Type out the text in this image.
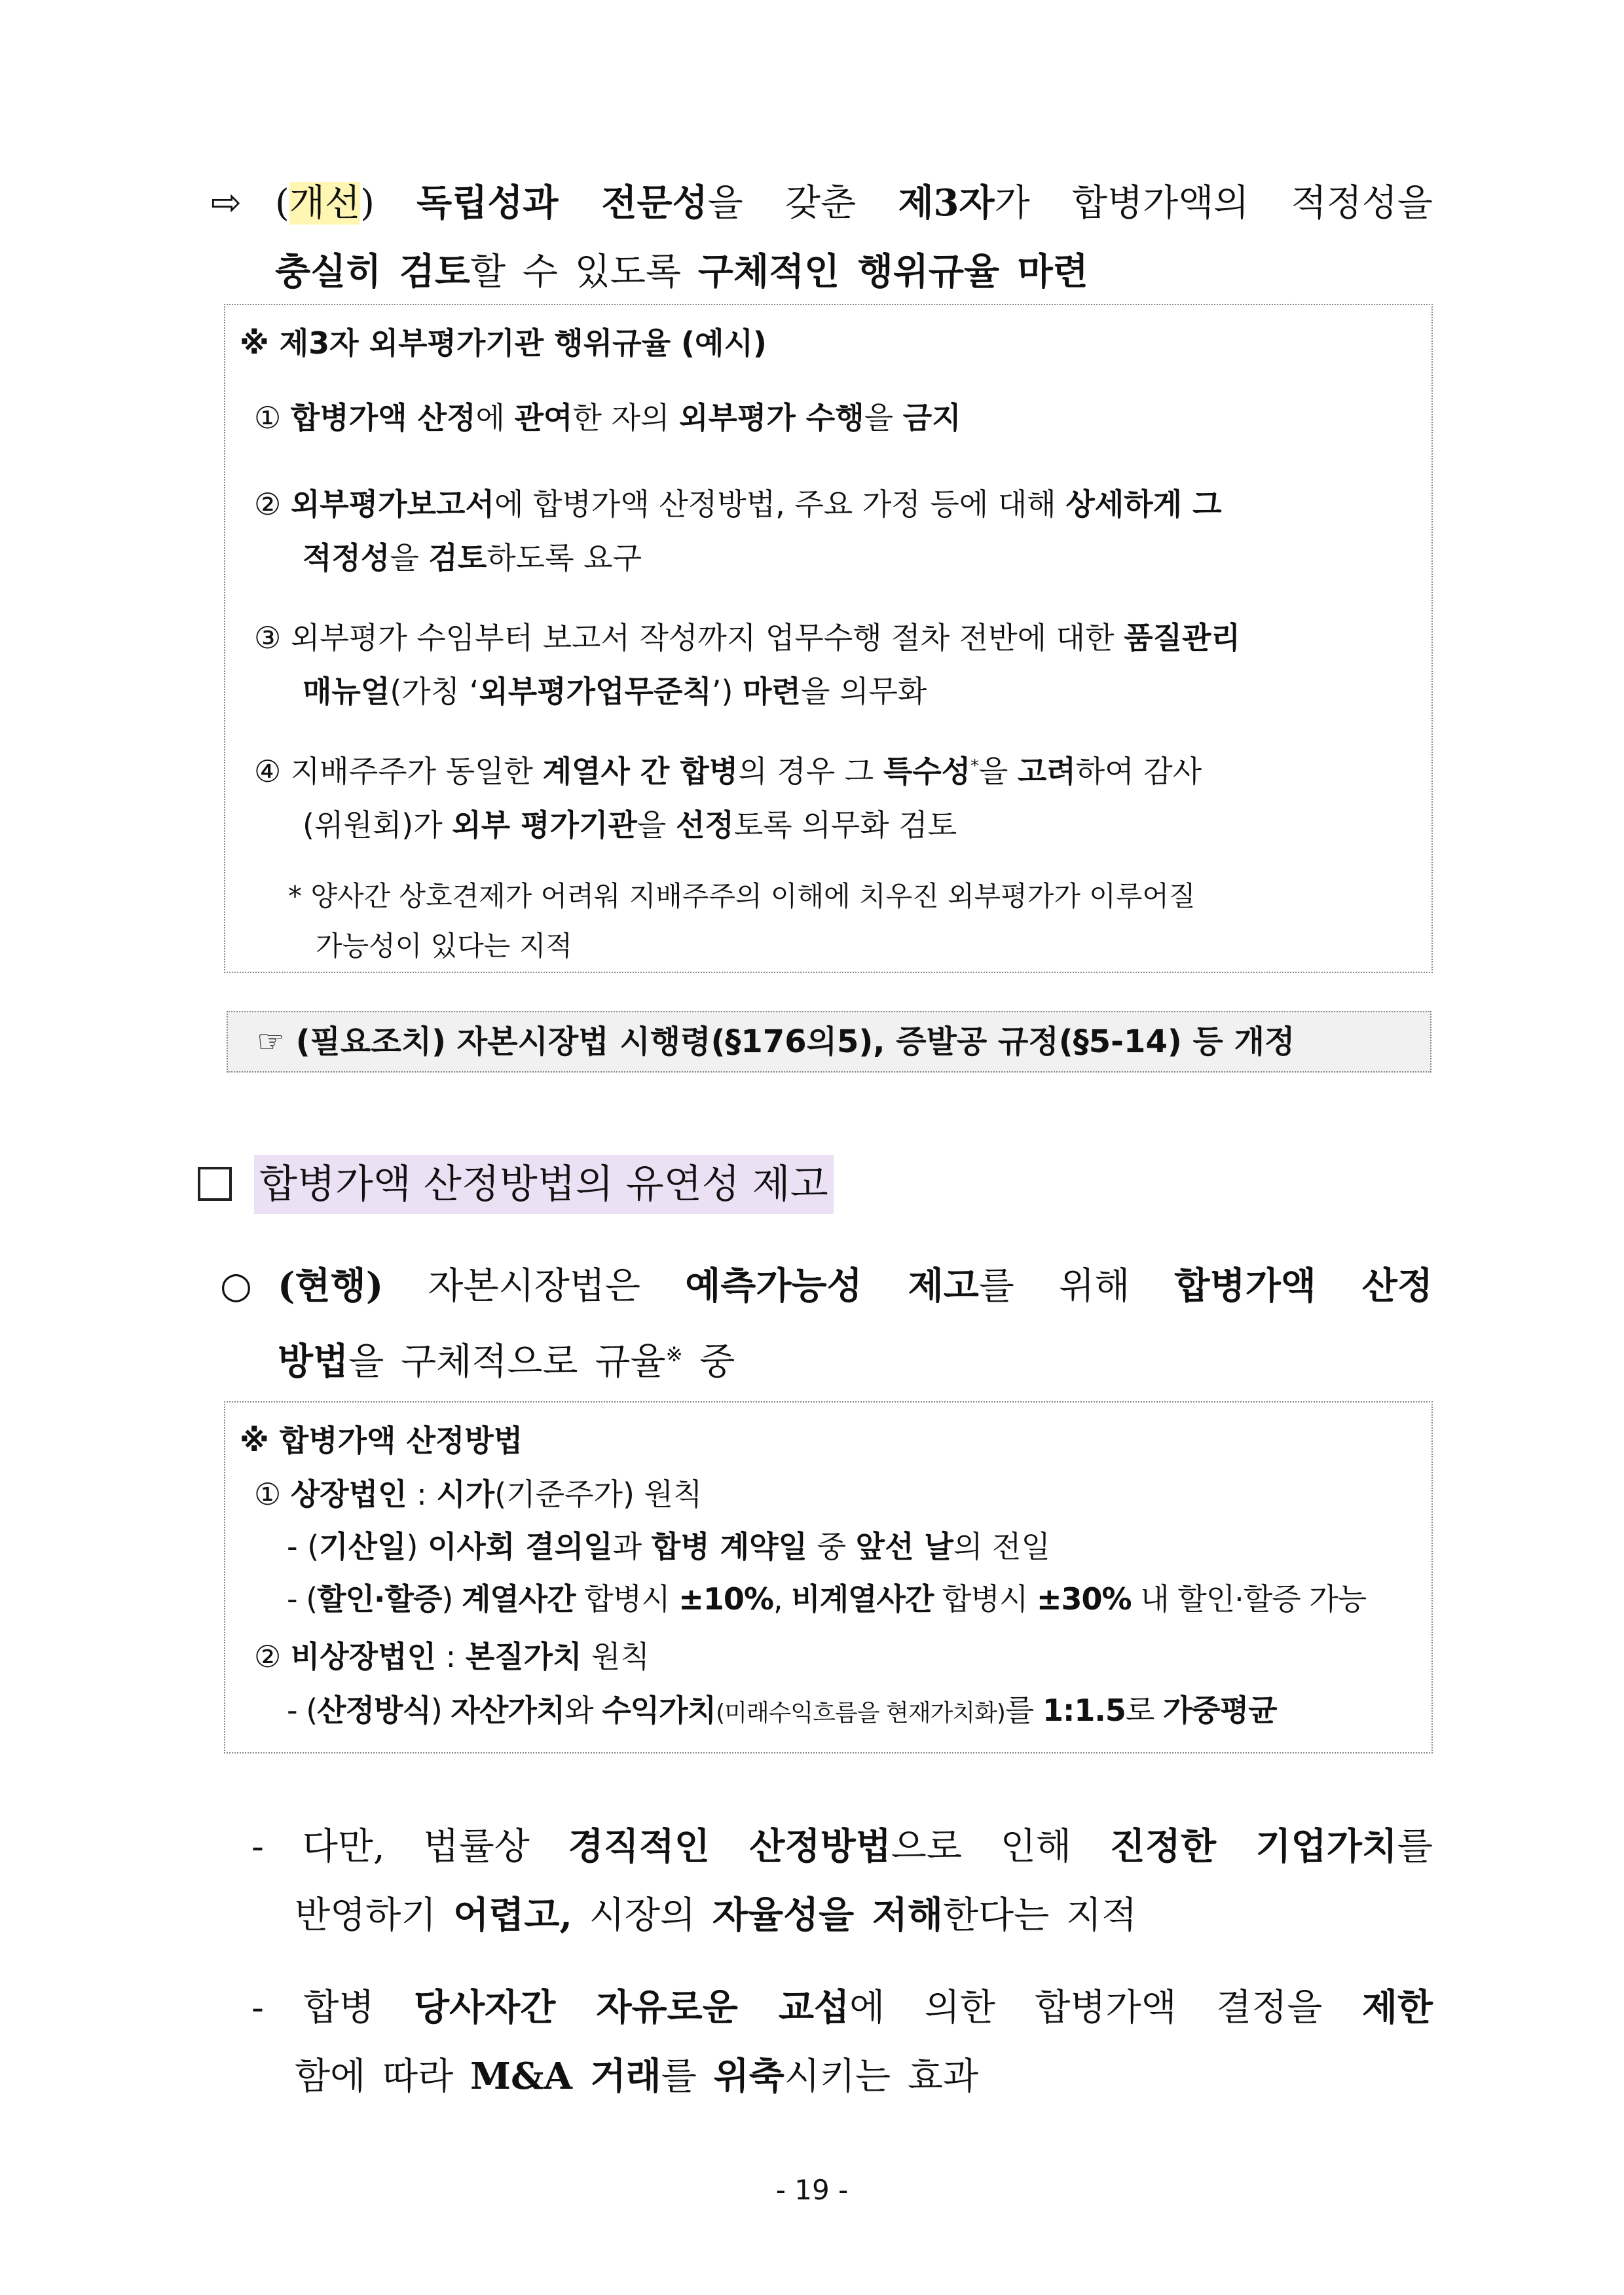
⇨ (개선) 독립성과 전문성을 갖춘 제3자가 합병가액의 적정성을
충실히 검토할 수 있도록 구체적인 행위규율 마련
※ 제3자 외부평가기관 행위규율 (예시)
① 합병가액 산정에 관여한 자의 외부평가 수행을 금지
② 외부평가보고서에 합병가액 산정방법, 주요 가정 등에 대해 상세하게 그
적정성을 검토하도록 요구
③ 외부평가 수임부터 보고서 작성까지 업무수행 절차 전반에 대한 품질관리
매뉴얼(가칭 ‘외부평가업무준칙’) 마련을 의무화
④ 지배주주가 동일한 계열사 간 합병의 경우 그 특수성*을 고려하여 감사
(위원회)가 외부 평가기관을 선정토록 의무화 검토
* 양사간 상호견제가 어려워 지배주주의 이해에 치우진 외부평가가 이루어질
가능성이 있다는 지적
☞ (필요조치) 자본시장법 시행령(§176의5), 증발공 규정(§5-14) 등 개정
합병가액 산정방법의 유연성 제고
○ (현행) 자본시장법은 예측가능성 제고를 위해 합병가액 산정
방법을 구체적으로 규율※ 중
※ 합병가액 산정방법
① 상장법인 : 시가(기준주가) 원칙
- (기산일) 이사회 결의일과 합병 계약일 중 앞선 날의 전일
- (할인·할증) 계열사간 합병시 ±10%, 비계열사간 합병시 ±30% 내 할인·할증 가능
② 비상장법인 : 본질가치 원칙
- (산정방식) 자산가치와 수익가치(미래수익흐름을 현재가치화)를 1:1.5로 가중평균
- 다만, 법률상 경직적인 산정방법으로 인해 진정한 기업가치를
반영하기 어렵고, 시장의 자율성을 저해한다는 지적
- 합병 당사자간 자유로운 교섭에 의한 합병가액 결정을 제한
함에 따라 M&A 거래를 위축시키는 효과
- 19 -
